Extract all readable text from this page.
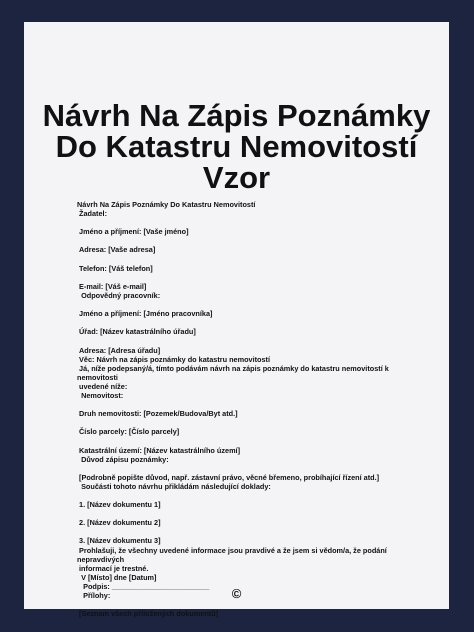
Návrh Na Zápis Poznámky
Do Katastru Nemovitostí
Vzor
Návrh Na Zápis Poznámky Do Katastru Nemovitostí
Žadatel:

Jméno a příjmení: [Vaše jméno]

Adresa: [Vaše adresa]

Telefon: [Váš telefon]

E-mail: [Váš e-mail]
Odpovědný pracovník:

Jméno a příjmení: [Jméno pracovníka]

Úřad: [Název katastrálního úřadu]

Adresa: [Adresa úřadu]
Věc: Návrh na zápis poznámky do katastru nemovitostí
Já, níže podepsaný/á, tímto podávám návrh na zápis poznámky do katastru nemovitostí k nemovitosti
uvedené níže:
Nemovitost:

Druh nemovitosti: [Pozemek/Budova/Byt atd.]

Číslo parcely: [Číslo parcely]

Katastrální území: [Název katastrálního území]
Důvod zápisu poznámky:

[Podrobně popište důvod, např. zástavní právo, věcné břemeno, probíhající řízení atd.]
Součásti tohoto návrhu přikládám následující doklady:

1. [Název dokumentu 1]

2. [Název dokumentu 2]

3. [Název dokumentu 3]
Prohlašuji, že všechny uvedené informace jsou pravdivé a že jsem si vědom/a, že podání nepravdivých
informací je trestné.
V [Místo] dne [Datum]
Podpis: ________________________
Přílohy:

[Seznam všech přiložených dokumentů]
©
